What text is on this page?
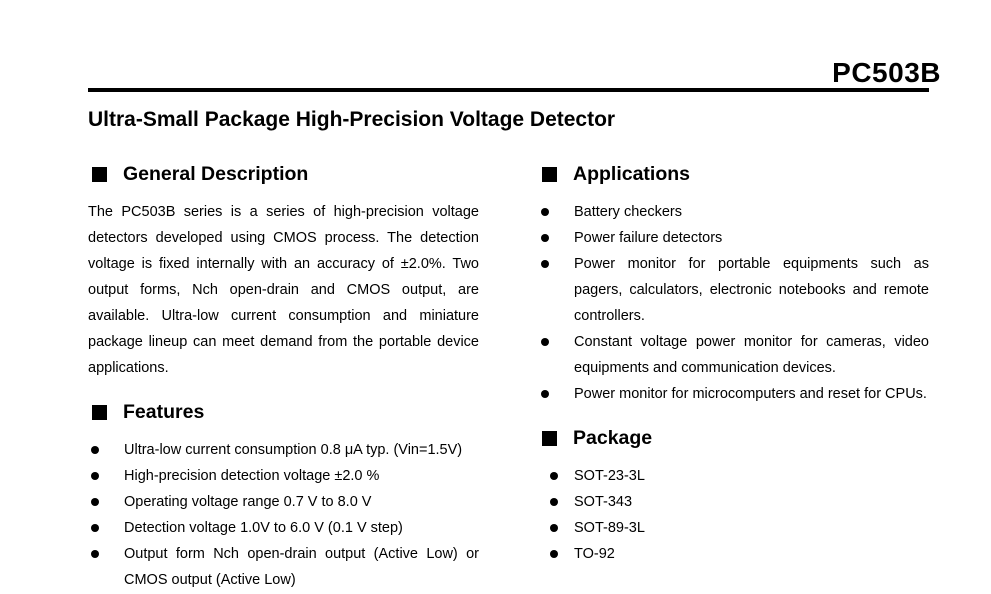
PC503B
Ultra-Small Package High-Precision Voltage Detector
General Description
The PC503B series is a series of high-precision voltage detectors developed using CMOS process. The detection voltage is fixed internally with an accuracy of ±2.0%. Two output forms, Nch open-drain and CMOS output, are available. Ultra-low current consumption and miniature package lineup can meet demand from the portable device applications.
Features
Ultra-low current consumption 0.8 μA typ. (Vin=1.5V)
High-precision detection voltage ±2.0 %
Operating voltage range 0.7 V to 8.0 V
Detection voltage 1.0V to 6.0 V (0.1 V step)
Output form Nch open-drain output (Active Low) or CMOS output (Active Low)
Applications
Battery checkers
Power failure detectors
Power monitor for portable equipments such as pagers, calculators, electronic notebooks and remote controllers.
Constant voltage power monitor for cameras, video equipments and communication devices.
Power monitor for microcomputers and reset for CPUs.
Package
SOT-23-3L
SOT-343
SOT-89-3L
TO-92
